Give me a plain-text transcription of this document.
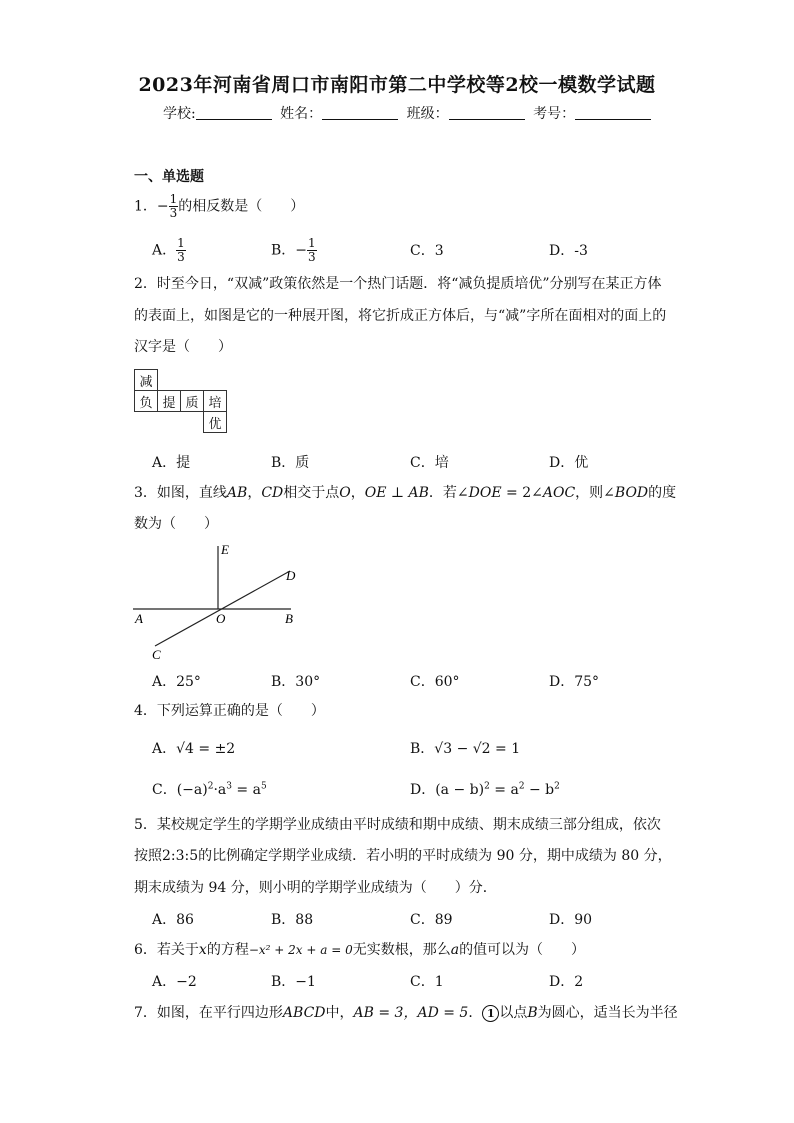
2023年河南省周口市南阳市第二中学校等2校一模数学试题
学校:	姓名：	班级：	考号：
一、单选题
1．− $\frac{1}{3}$ 的相反数是（　　）
A． $\frac{1}{3}$	B．− $\frac{1}{3}$	C．3	D．-3
2．时至今日，“双减”政策依然是一个热门话题．将“减负提质培优”分别写在某正方体
的表面上，如图是它的一种展开图，将它折成正方体后，与“减”字所在面相对的面上的
汉字是（　　）
减			
负	提	质	培
			优
A．提	B．质	C．培	D．优
3．如图，直线AB，CD相交于点O，OE ⊥ AB．若∠DOE = 2∠AOC，则∠BOD的度
数为（　　）
E
D
A	O	B
C
A．25°	B．30°	C．60°	D．75°
4．下列运算正确的是（　　）
A．√4 = ±2	B．√3 − √2 = 1
C．$(-a)^2\cdot a^3 = a^5$	D．$(a - b)^2 = a^2 - b^2$
5．某校规定学生的学期学业成绩由平时成绩和期中成绩、期末成绩三部分组成，依次
按照2:3:5的比例确定学期学业成绩．若小明的平时成绩为 90 分，期中成绩为 80 分，
期末成绩为 94 分，则小明的学期学业成绩为（　　）分．
A．86	B．88	C．89	D．90
6．若关于x的方程−x² + 2x + a = 0无实数根，那么a的值可以为（　　）
A．−2	B．−1	C．1	D．2
7．如图，在平行四边形ABCD中，AB = 3，AD = 5． 1 以点B为圆心，适当长为半径
